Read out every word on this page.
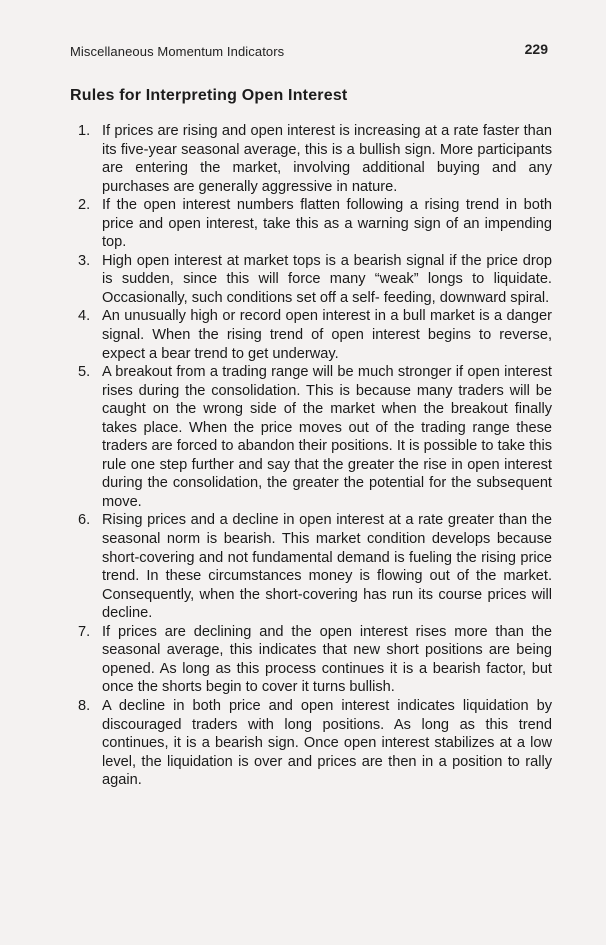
Miscellaneous Momentum Indicators	229
Rules for Interpreting Open Interest
1. If prices are rising and open interest is increasing at a rate faster than its five-year seasonal average, this is a bullish sign. More participants are entering the market, involving additional buying and any purchases are generally aggressive in nature.
2. If the open interest numbers flatten following a rising trend in both price and open interest, take this as a warning sign of an impending top.
3. High open interest at market tops is a bearish signal if the price drop is sudden, since this will force many “weak” longs to liquidate. Occasionally, such conditions set off a self- feeding, downward spiral.
4. An unusually high or record open interest in a bull market is a danger signal. When the rising trend of open interest begins to reverse, expect a bear trend to get underway.
5. A breakout from a trading range will be much stronger if open interest rises during the consolidation. This is because many traders will be caught on the wrong side of the market when the breakout finally takes place. When the price moves out of the trading range these traders are forced to abandon their positions. It is possible to take this rule one step further and say that the greater the rise in open interest during the consolidation, the greater the potential for the subsequent move.
6. Rising prices and a decline in open interest at a rate greater than the seasonal norm is bearish. This market condition develops because short-covering and not fundamental demand is fueling the rising price trend. In these circumstances money is flowing out of the market. Consequently, when the short-covering has run its course prices will decline.
7. If prices are declining and the open interest rises more than the seasonal average, this indicates that new short positions are being opened. As long as this process continues it is a bearish factor, but once the shorts begin to cover it turns bullish.
8. A decline in both price and open interest indicates liquidation by discouraged traders with long positions. As long as this trend continues, it is a bearish sign. Once open interest stabilizes at a low level, the liquidation is over and prices are then in a position to rally again.
